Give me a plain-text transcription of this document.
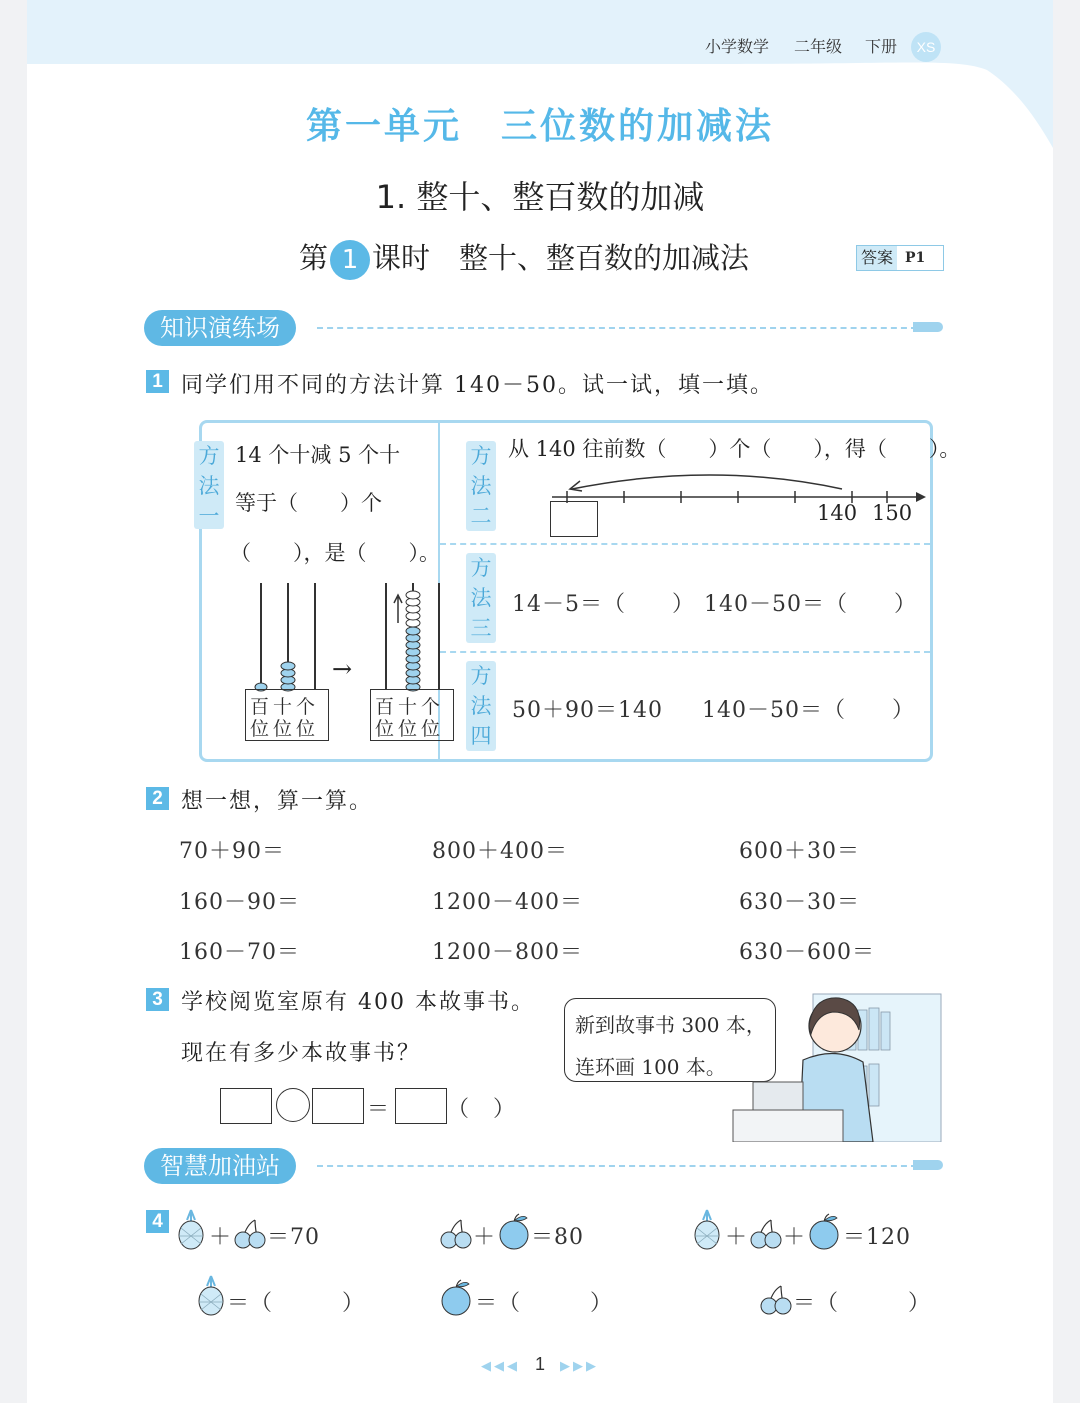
小学数学 二年级 下册	XS
第一单元　三位数的加减法
1. 整十、整百数的加减
第 1 课时　整十、整百数的加减法	答案 P1
知识演练场
1 同学们用不同的方法计算 140－50。试一试，填一填。
方法一
14 个十减 5 个十
等于（　　）个
（　　），是（　　）。
百十个
位位位
→
百十个
位位位
方法二
从 140 往前数（　　）个（　　），得（　　）。
140 150
方法三
14－5＝（　　） 140－50＝（　　）
方法四
50＋90＝140 140－50＝（　　）
2 想一想，算一算。
70＋90＝	800＋400＝	600＋30＝
160－90＝	1200－400＝	630－30＝
160－70＝	1200－800＝	630－600＝
3 学校阅览室原有 400 本故事书。
现在有多少本故事书？
新到故事书 300 本，
连环画 100 本。
＝	（　）
智慧加油站
4
＋ ＝70	＋ ＝80	＋ ＋ ＝120
＝（　　　）	＝（　　　）	＝（　　　）
◀◀◀ 1 ▶▶▶
